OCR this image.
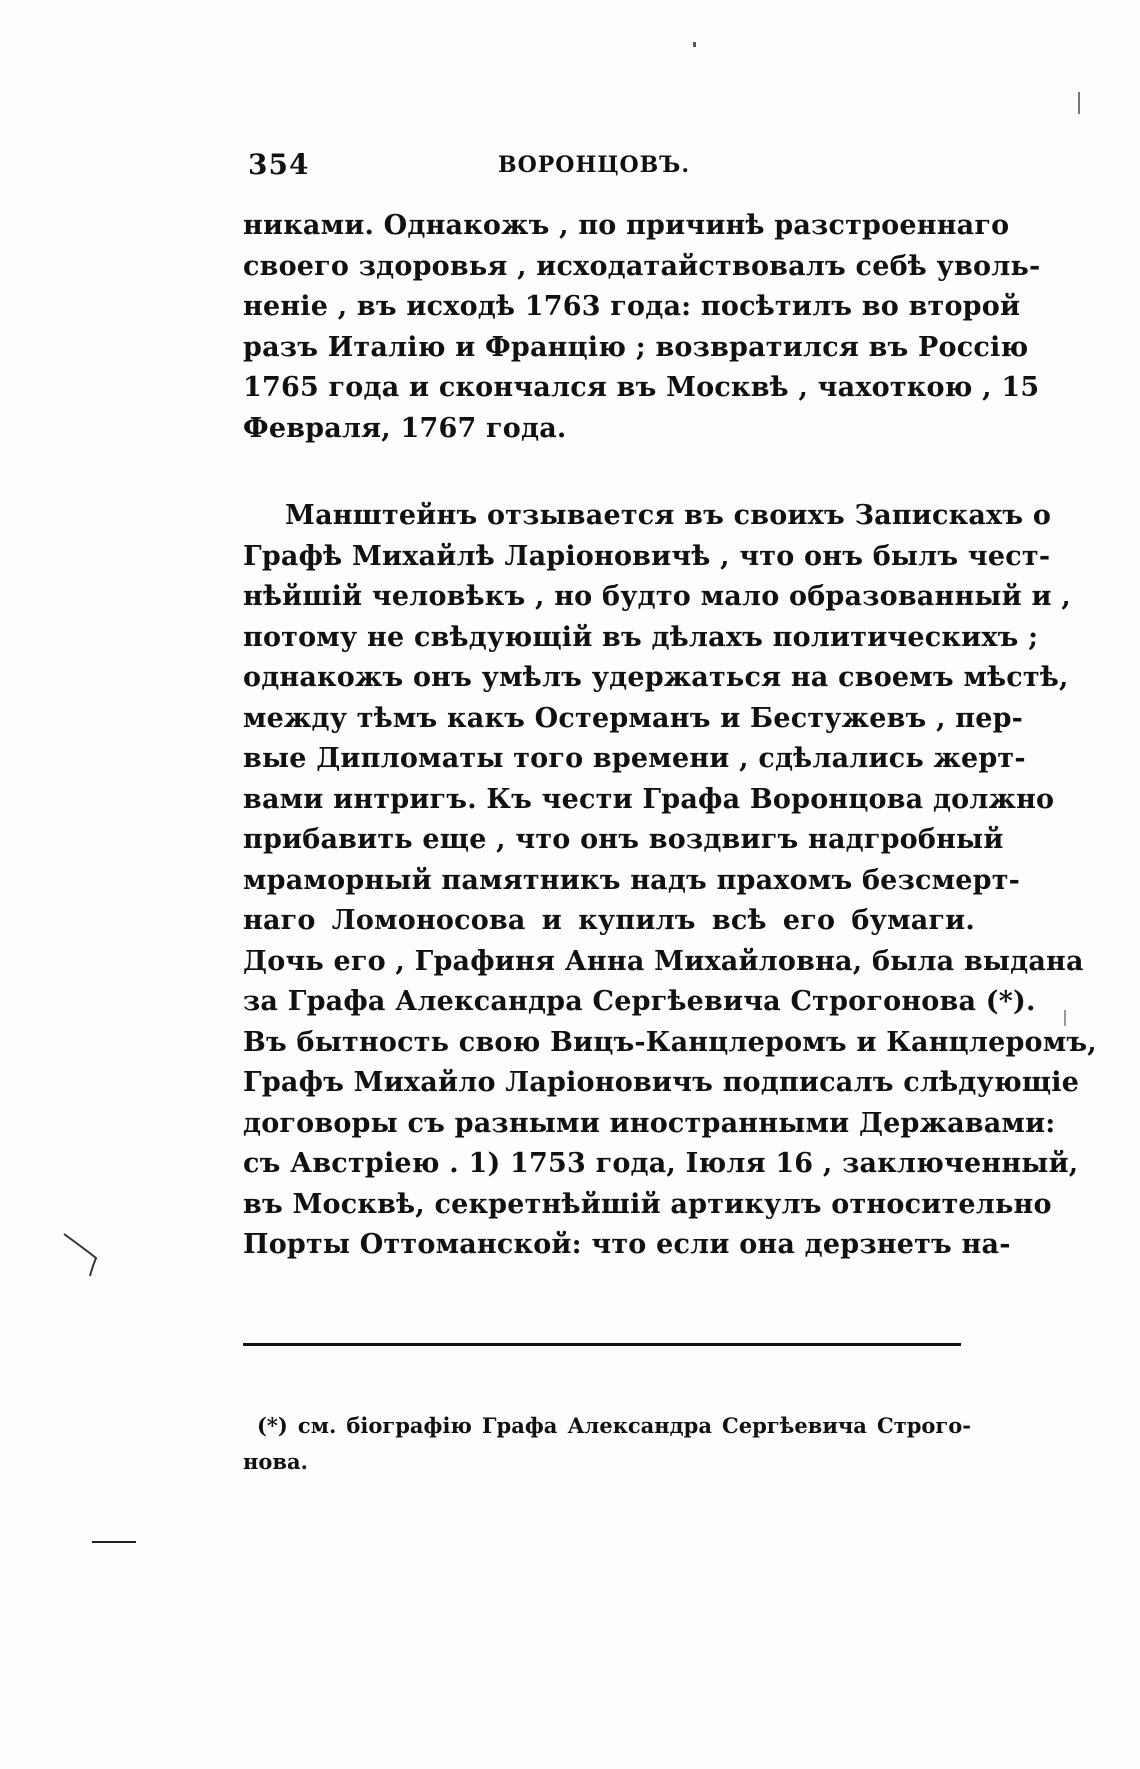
354	ВОРОНЦОВЪ.
никами. Однакожъ , по причинѣ разстроеннаго
своего здоровья , исходатайствовалъ себѣ уволь-
неніе , въ исходѣ 1763 года: посѣтилъ во второй
разъ Италію и Францію ; возвратился въ Россію
1765 года и скончался въ Москвѣ , чахоткою , 15
Февраля, 1767 года.
Манштейнъ отзывается въ своихъ Запискахъ о
Графѣ Михайлѣ Ларіоновичѣ , что онъ былъ чест-
нѣйшій человѣкъ , но будто мало образованный и ,
потому не свѣдующій въ дѣлахъ политическихъ ;
однакожъ онъ умѣлъ удержаться на своемъ мѣстѣ,
между тѣмъ какъ Остерманъ и Бестужевъ , пер-
вые Дипломаты того времени , сдѣлались жерт-
вами интригъ. Къ чести Графа Воронцова должно
прибавить еще , что онъ воздвигъ надгробный
мраморный памятникъ надъ прахомъ безсмерт-
наго Ломоносова и купилъ всѣ его бумаги.
Дочь его , Графиня Анна Михайловна, была выдана
за Графа Александра Сергѣевича Строгонова (*).
Въ бытность свою Вицъ-Канцлеромъ и Канцлеромъ,
Графъ Михайло Ларіоновичъ подписалъ слѣдующіе
договоры съ разными иностранными Державами:
съ Австріею . 1) 1753 года, Іюля 16 , заключенный,
въ Москвѣ, секретнѣйшій артикулъ относительно
Порты Оттоманской: что если она дерзнетъ на-
(*) см. біографію Графа Александра Сергѣевича Строго-
нова.
